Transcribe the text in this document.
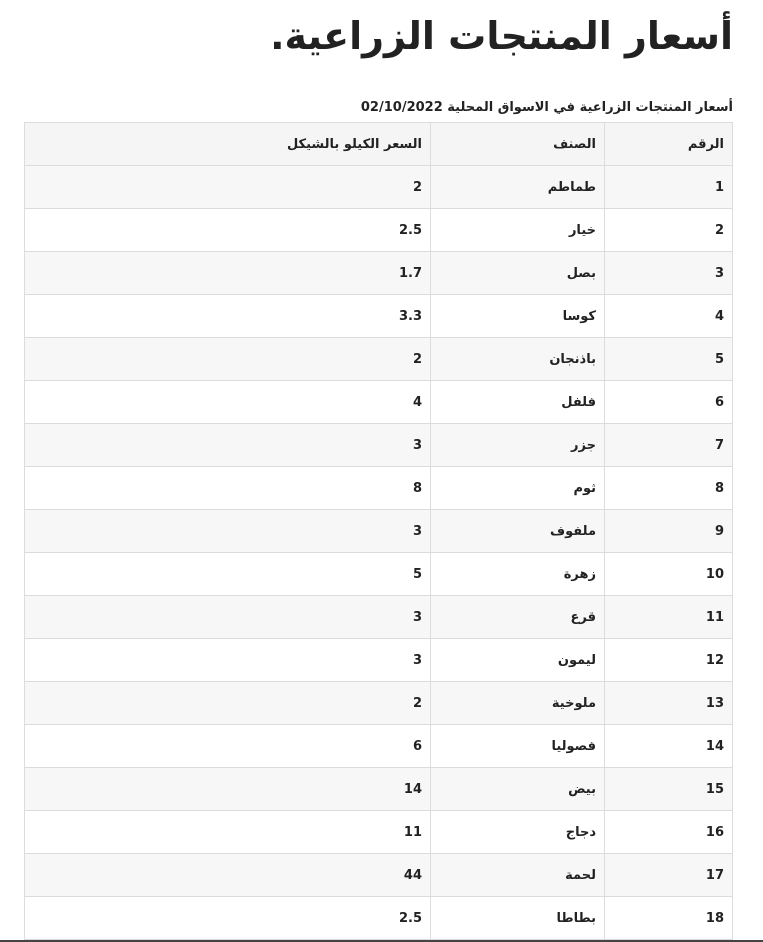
أسعار المنتجات الزراعية.

أسعار المنتجات الزراعية في الاسواق المحلية 02/10/2022

الرقم	الصنف	السعر الكيلو بالشيكل
1	طماطم	2
2	خيار	2.5
3	بصل	1.7
4	كوسا	3.3
5	باذنجان	2
6	فلفل	4
7	جزر	3
8	ثوم	8
9	ملفوف	3
10	زهرة	5
11	قرع	3
12	ليمون	3
13	ملوخية	2
14	فصوليا	6
15	بيض	14
16	دجاج	11
17	لحمة	44
18	بطاطا	2.5
